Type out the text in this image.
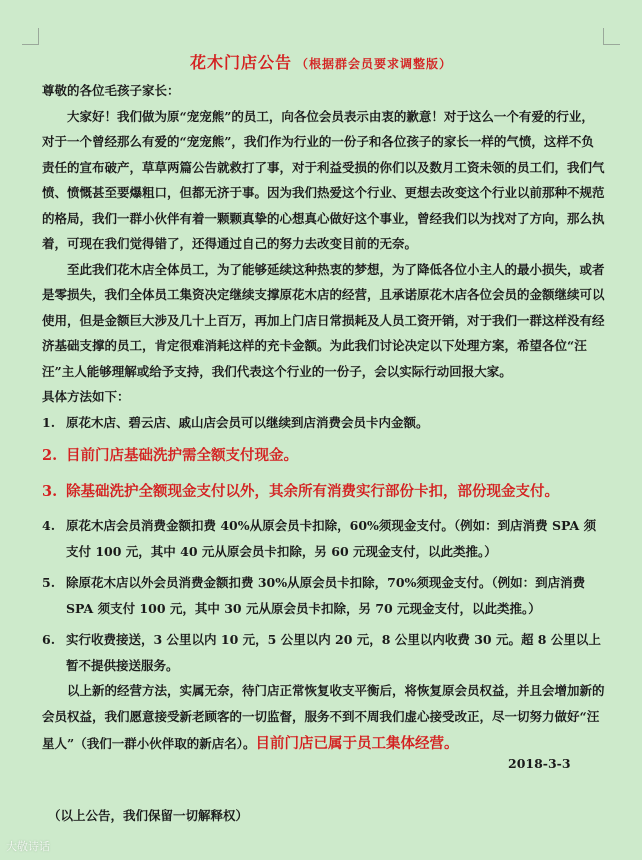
花木门店公告 （根据群会员要求调整版）

尊敬的各位毛孩子家长：

大家好！我们做为原“宠宠熊”的员工，向各位会员表示由衷的歉意！对于这么一个有爱的行业，对于一个曾经那么有爱的“宠宠熊”，我们作为行业的一份子和各位孩子的家长一样的气愤，这样不负责任的宣布破产，草草两篇公告就救打了事，对于利益受损的你们以及数月工资未领的员工们，我们气愤、愤慨甚至要爆粗口，但都无济于事。因为我们热爱这个行业、更想去改变这个行业以前那种不规范的格局，我们一群小伙伴有着一颗颗真挚的心想真心做好这个事业，曾经我们以为找对了方向，那么执着，可现在我们觉得错了，还得通过自己的努力去改变目前的无奈。

至此我们花木店全体员工，为了能够延续这种热衷的梦想，为了降低各位小主人的最小损失，或者是零损失，我们全体员工集资决定继续支撑原花木店的经营，且承诺原花木店各位会员的金额继续可以使用，但是金额巨大涉及几十上百万，再加上门店日常损耗及人员工资开销，对于我们一群这样没有经济基础支撑的员工，肯定很难消耗这样的充卡金额。为此我们讨论决定以下处理方案，希望各位“汪汪”主人能够理解或给予支持，我们代表这个行业的一份子，会以实际行动回报大家。

具体方法如下：

1. 原花木店、碧云店、戚山店会员可以继续到店消费会员卡内金额。
2. 目前门店基础洗护需全额支付现金。
3. 除基础洗护全额现金支付以外，其余所有消费实行部份卡扣，部份现金支付。
4. 原花木店会员消费金额扣费 40%从原会员卡扣除，60%须现金支付。（例如：到店消费 SPA 须支付 100 元，其中 40 元从原会员卡扣除，另 60 元现金支付，以此类推。）
5. 除原花木店以外会员消费金额扣费 30%从原会员卡扣除，70%须现金支付。（例如：到店消费 SPA 须支付 100 元，其中 30 元从原会员卡扣除，另 70 元现金支付，以此类推。）
6. 实行收费接送，3 公里以内 10 元，5 公里以内 20 元，8 公里以内收费 30 元。超 8 公里以上暂不提供接送服务。

以上新的经营方法，实属无奈，待门店正常恢复收支平衡后，将恢复原会员权益，并且会增加新的会员权益，我们愿意接受新老顾客的一切监督，服务不到不周我们虚心接受改正，尽一切努力做好“汪星人”（我们一群小伙伴取的新店名）。目前门店已属于员工集体经营。

2018-3-3
（以上公告，我们保留一切解释权）
大敬诗话
